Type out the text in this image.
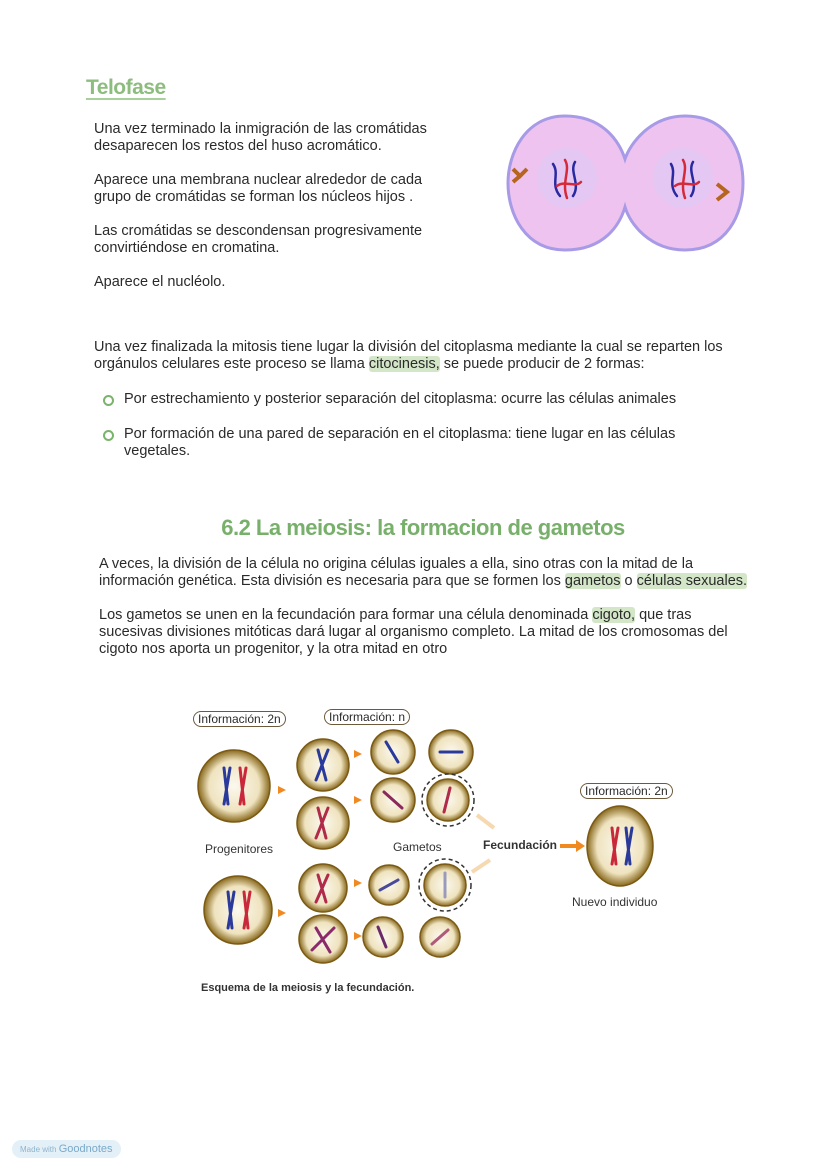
Telofase
Una vez terminado la inmigración de las cromátidas
desaparecen los restos del huso acromático.
Aparece una membrana nuclear alrededor de cada
grupo de cromátidas se forman los núcleos hijos .
Las cromátidas se descondensan progresivamente
convirtiéndose en cromatina.
Aparece el nucléolo.
Una vez finalizada la mitosis tiene lugar la división del citoplasma mediante la cual se reparten los
orgánulos celulares este proceso se llama citocinesis, se puede producir de 2 formas:
Por estrechamiento y posterior separación del citoplasma: ocurre las células animales
Por formación de una pared de separación en el citoplasma: tiene lugar en las células vegetales.
6.2 La meiosis: la formacion de gametos
A veces, la división de la célula no origina células iguales a ella, sino otras con la mitad de la
información genética. Esta división es necesaria para que se formen los gametos o células sexuales.
Los gametos se unen en la fecundación para formar una célula denominada cigoto, que tras
sucesivas divisiones mitóticas dará lugar al organismo completo. La mitad de los cromosomas del
cigoto nos aporta un progenitor, y la otra mitad en otro
Información: 2n	Información: n
Información: 2n
Progenitores	Gametos	Fecundación
Nuevo individuo
Esquema de la meiosis y la fecundación.
Made with Goodnotes
